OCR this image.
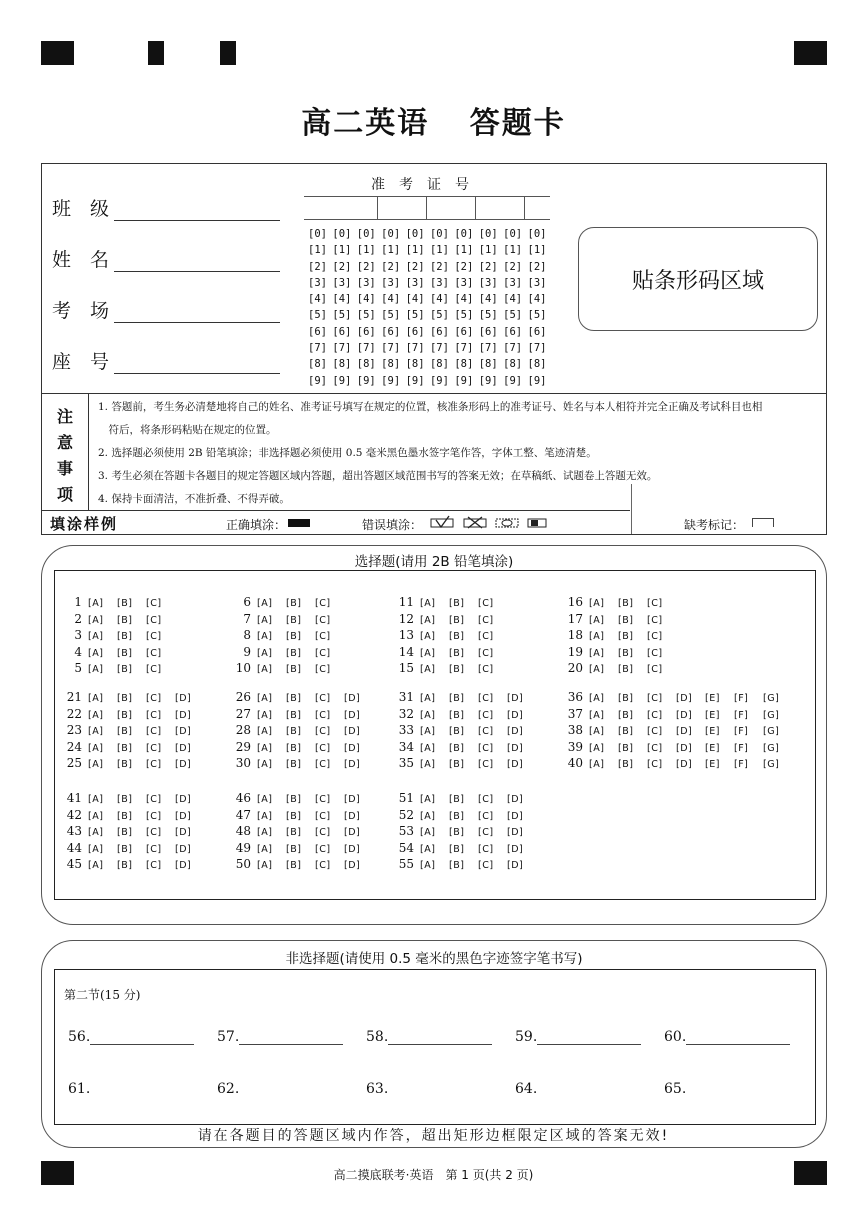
高二英语 答题卡
班　级
姓　名
考　场
座　号
准考证号
[0] [0] [0] [0] [0] [0] [0] [0] [0] [0]
[1] [1] [1] [1] [1] [1] [1] [1] [1] [1]
[2] [2] [2] [2] [2] [2] [2] [2] [2] [2]
[3] [3] [3] [3] [3] [3] [3] [3] [3] [3]
[4] [4] [4] [4] [4] [4] [4] [4] [4] [4]
[5] [5] [5] [5] [5] [5] [5] [5] [5] [5]
[6] [6] [6] [6] [6] [6] [6] [6] [6] [6]
[7] [7] [7] [7] [7] [7] [7] [7] [7] [7]
[8] [8] [8] [8] [8] [8] [8] [8] [8] [8]
[9] [9] [9] [9] [9] [9] [9] [9] [9] [9]
贴条形码区域
注
意
事
项

1. 答题前，考生务必清楚地将自己的姓名、准考证号填写在规定的位置，核准条形码上的准考证号、姓名与本人相符并完全正确及考试科目也相

　符后，将条形码粘贴在规定的位置。

2. 选择题必须使用 2B 铅笔填涂；非选择题必须使用 0.5 毫米黑色墨水签字笔作答，字体工整、笔迹清楚。

3. 考生必须在答题卡各题目的规定答题区域内答题，超出答题区域范围书写的答案无效；在草稿纸、试题卷上答题无效。

4. 保持卡面清洁，不准折叠、不得弄破。

填涂样例	正确填涂：	错误填涂：	缺考标记：
选择题(请用 2B 铅笔填涂)
1 [A] [B] [C]
2 [A] [B] [C]
3 [A] [B] [C]
4 [A] [B] [C]
5 [A] [B] [C]
6 [A] [B] [C]
7 [A] [B] [C]
8 [A] [B] [C]
9 [A] [B] [C]
10 [A] [B] [C]
11 [A] [B] [C]
12 [A] [B] [C]
13 [A] [B] [C]
14 [A] [B] [C]
15 [A] [B] [C]
16 [A] [B] [C]
17 [A] [B] [C]
18 [A] [B] [C]
19 [A] [B] [C]
20 [A] [B] [C]
21 [A] [B] [C] [D]
22 [A] [B] [C] [D]
23 [A] [B] [C] [D]
24 [A] [B] [C] [D]
25 [A] [B] [C] [D]
26 [A] [B] [C] [D]
27 [A] [B] [C] [D]
28 [A] [B] [C] [D]
29 [A] [B] [C] [D]
30 [A] [B] [C] [D]
31 [A] [B] [C] [D]
32 [A] [B] [C] [D]
33 [A] [B] [C] [D]
34 [A] [B] [C] [D]
35 [A] [B] [C] [D]
36 [A] [B] [C] [D] [E] [F] [G]
37 [A] [B] [C] [D] [E] [F] [G]
38 [A] [B] [C] [D] [E] [F] [G]
39 [A] [B] [C] [D] [E] [F] [G]
40 [A] [B] [C] [D] [E] [F] [G]
41 [A] [B] [C] [D]
42 [A] [B] [C] [D]
43 [A] [B] [C] [D]
44 [A] [B] [C] [D]
45 [A] [B] [C] [D]
46 [A] [B] [C] [D]
47 [A] [B] [C] [D]
48 [A] [B] [C] [D]
49 [A] [B] [C] [D]
50 [A] [B] [C] [D]
51 [A] [B] [C] [D]
52 [A] [B] [C] [D]
53 [A] [B] [C] [D]
54 [A] [B] [C] [D]
55 [A] [B] [C] [D]
非选择题(请使用 0.5 毫米的黑色字迹签字笔书写)
第二节(15 分)
56.	57.	58.	59.	60.
61.	62.	63.	64.	65.
请在各题目的答题区域内作答，超出矩形边框限定区域的答案无效!
高二摸底联考·英语　第 1 页(共 2 页)
